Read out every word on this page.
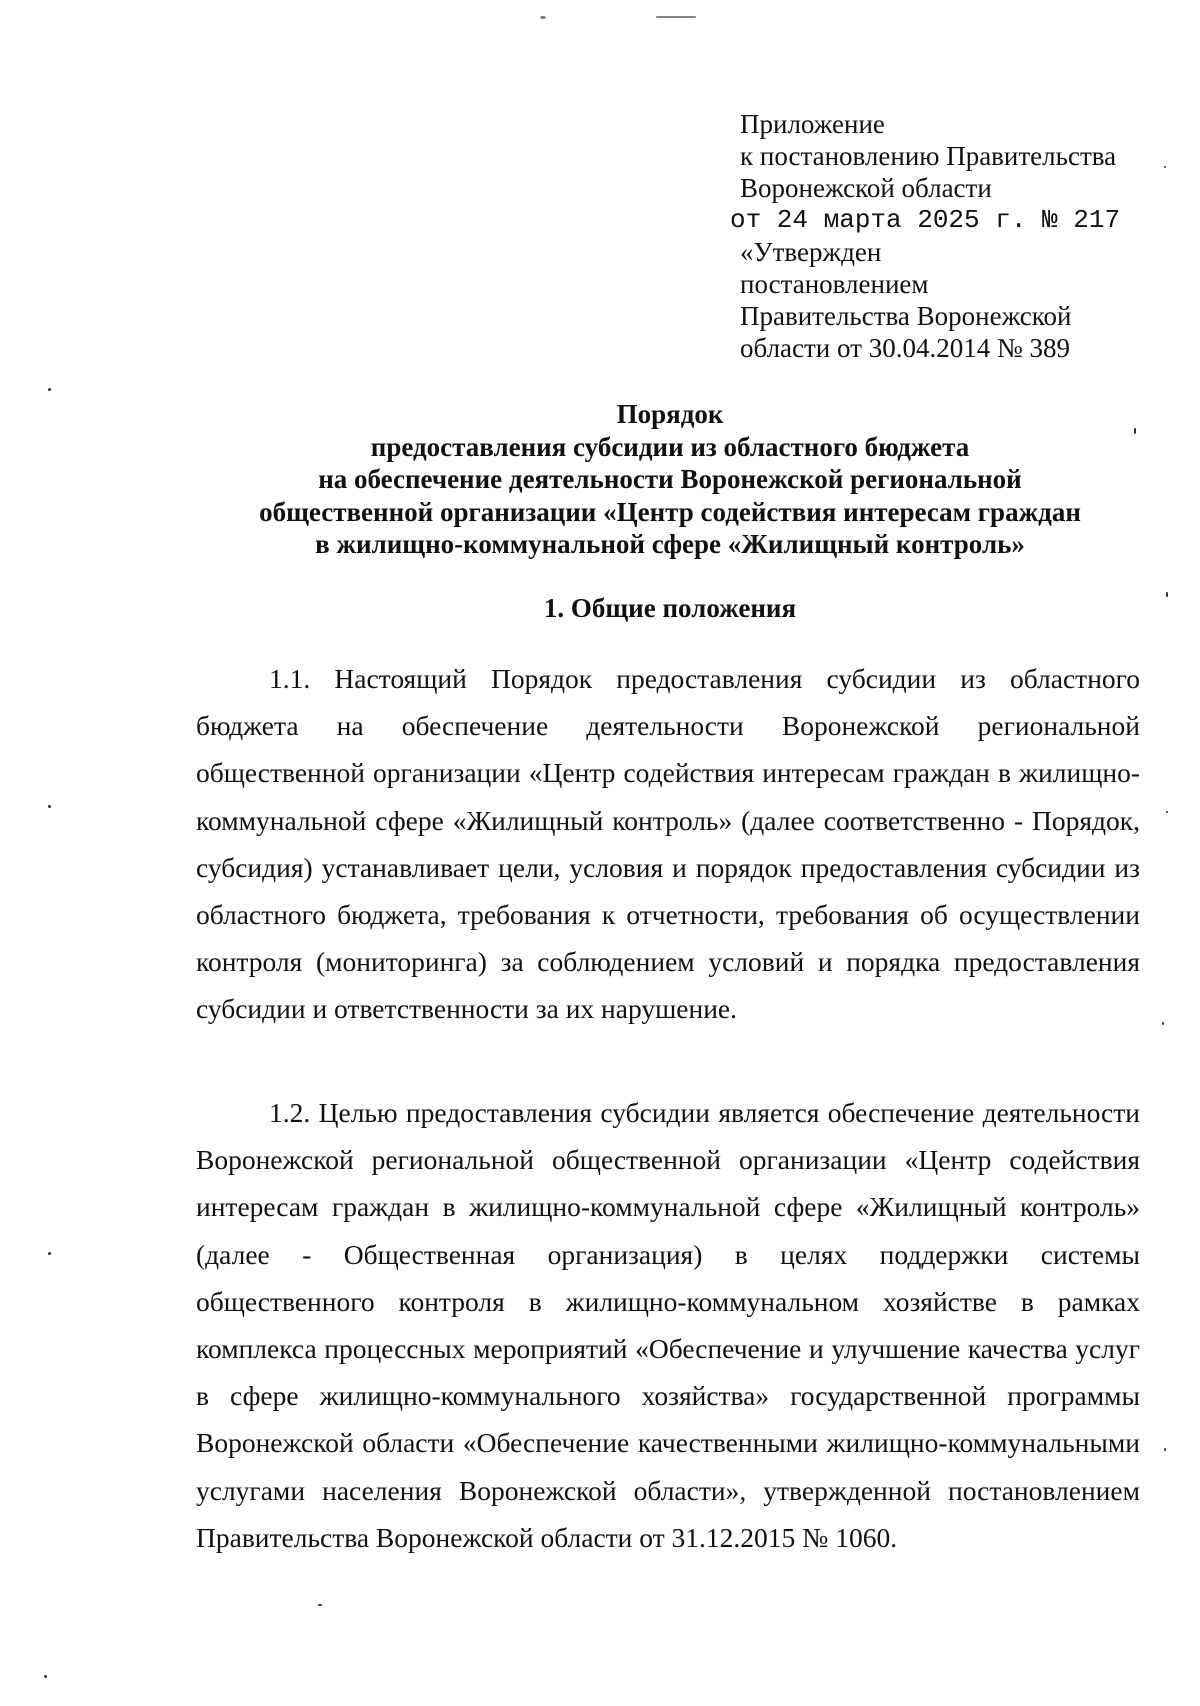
Приложение
к постановлению Правительства
Воронежской области
от 24 марта 2025 г. № 217
«Утвержден
постановлением
Правительства Воронежской
области от 30.04.2014 № 389
Порядок
предоставления субсидии из областного бюджета
на обеспечение деятельности Воронежской региональной
общественной организации «Центр содействия интересам граждан
в жилищно-коммунальной сфере «Жилищный контроль»
1. Общие положения

1.1. Настоящий Порядок предоставления субсидии из областного бюджета на обеспечение деятельности Воронежской региональной общественной организации «Центр содействия интересам граждан в жилищно-коммунальной сфере «Жилищный контроль» (далее соответственно - Порядок, субсидия) устанавливает цели, условия и порядок предоставления субсидии из областного бюджета, требования к отчетности, требования об осуществлении контроля (мониторинга) за соблюдением условий и порядка предоставления субсидии и ответственности за их нарушение.

1.2. Целью предоставления субсидии является обеспечение деятельности Воронежской региональной общественной организации «Центр содействия интересам граждан в жилищно-коммунальной сфере «Жилищный контроль» (далее - Общественная организация) в целях поддержки системы общественного контроля в жилищно-коммунальном хозяйстве в рамках комплекса процессных мероприятий «Обеспечение и улучшение качества услуг в сфере жилищно-коммунального хозяйства» государственной программы Воронежской области «Обеспечение качественными жилищно-коммунальными услугами населения Воронежской области», утвержденной постановлением Правительства Воронежской области от 31.12.2015 № 1060.
